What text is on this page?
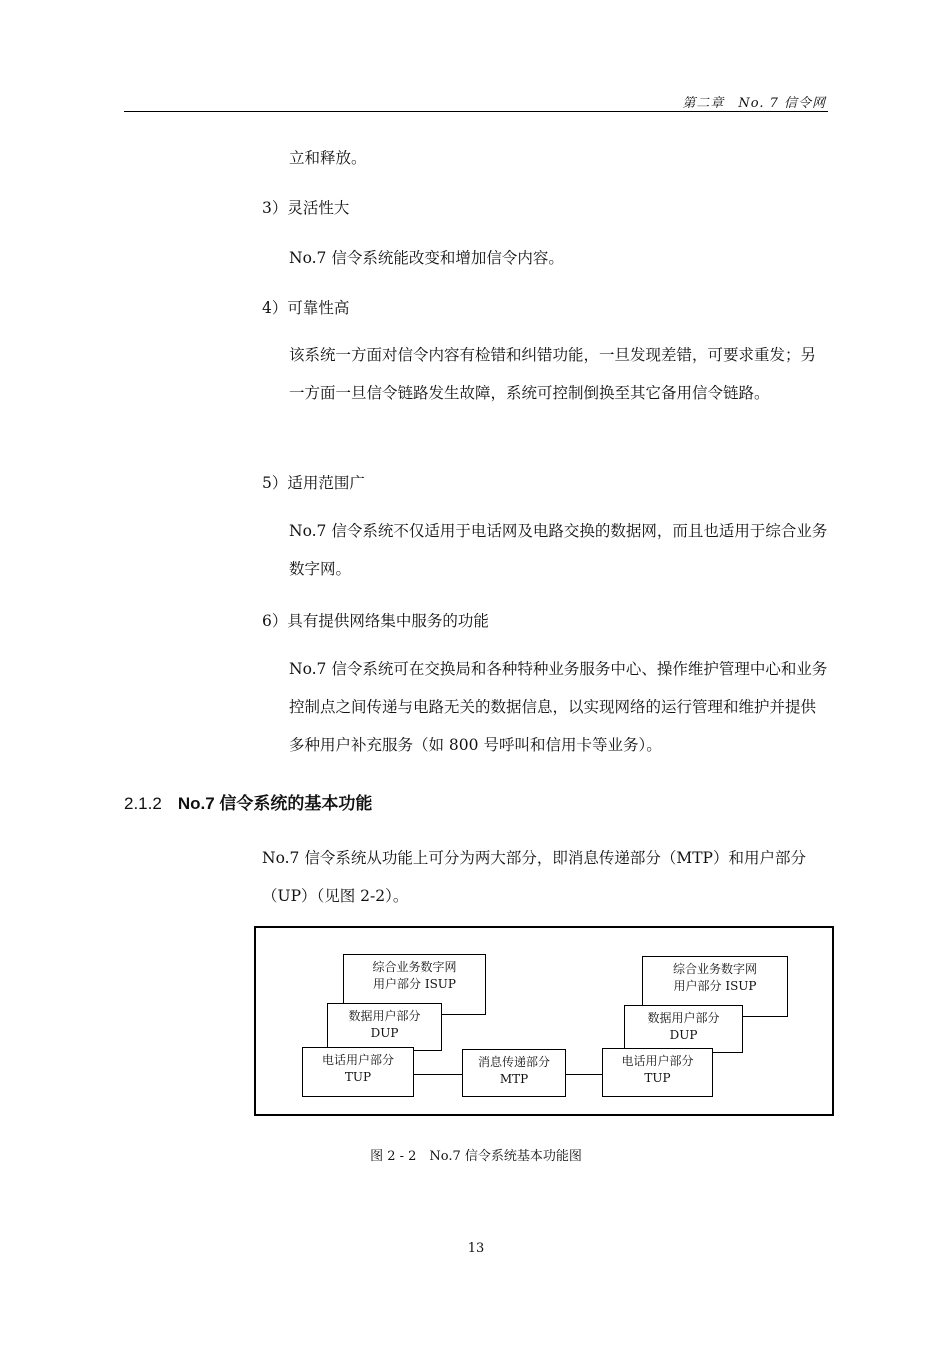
第二章　No. 7 信令网
立和释放。
3）灵活性大
No.7 信令系统能改变和增加信令内容。
4）可靠性高
该系统一方面对信令内容有检错和纠错功能，一旦发现差错，可要求重发；另一方面一旦信令链路发生故障，系统可控制倒换至其它备用信令链路。
5）适用范围广
No.7 信令系统不仅适用于电话网及电路交换的数据网，而且也适用于综合业务数字网。
6）具有提供网络集中服务的功能
No.7 信令系统可在交换局和各种特种业务服务中心、操作维护管理中心和业务控制点之间传递与电路无关的数据信息，以实现网络的运行管理和维护并提供多种用户补充服务（如 800 号呼叫和信用卡等业务）。
2.1.2 No.7 信令系统的基本功能
No.7 信令系统从功能上可分为两大部分，即消息传递部分（MTP）和用户部分（UP）（见图 2-2）。
综合业务数字网
用户部分 ISUP
数据用户部分
DUP
电话用户部分
TUP
消息传递部分
MTP
综合业务数字网
用户部分 ISUP
数据用户部分
DUP
电话用户部分
TUP
图 2 - 2　No.7 信令系统基本功能图
13
